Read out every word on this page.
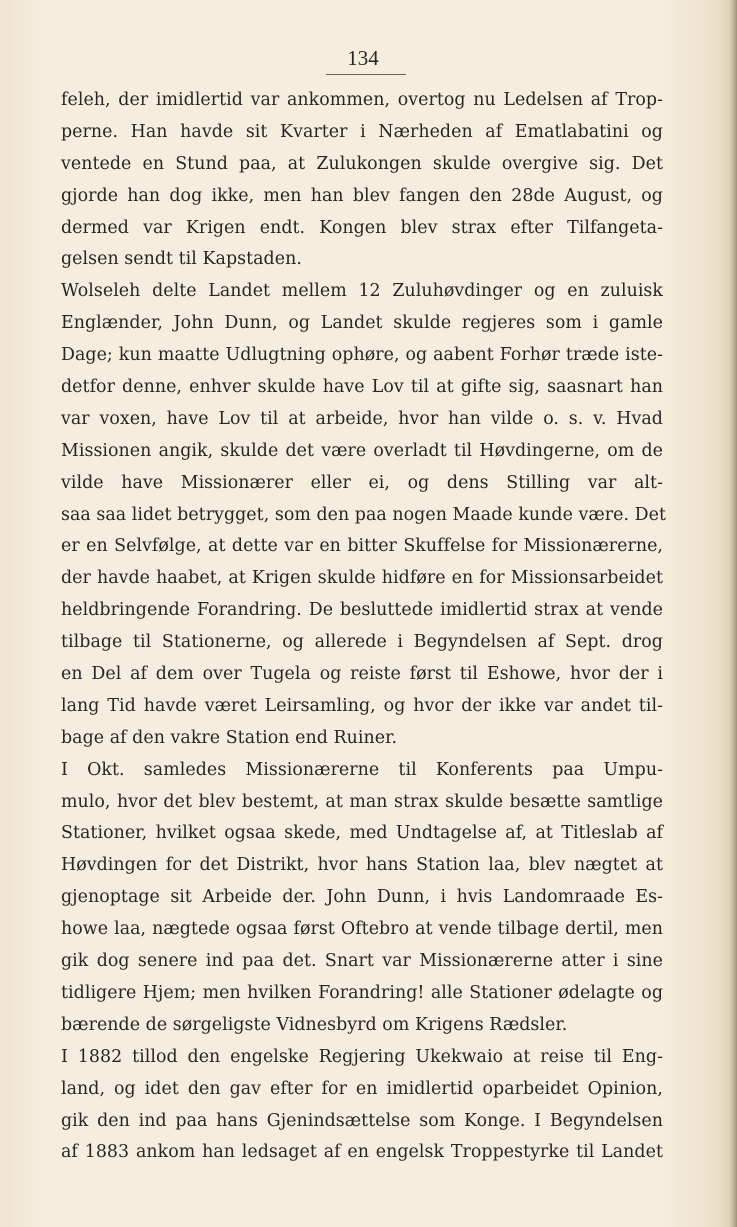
134
feleh, der imidlertid var ankommen, overtog nu Ledelsen af Trop-
perne. Han havde sit Kvarter i Nærheden af Ematlabatini og
ventede en Stund paa, at Zulukongen skulde overgive sig. Det
gjorde han dog ikke, men han blev fangen den 28de August, og
dermed var Krigen endt. Kongen blev strax efter Tilfangeta-
gelsen sendt til Kapstaden.
Wolseleh delte Landet mellem 12 Zuluhøvdinger og en zuluisk
Englænder, John Dunn, og Landet skulde regjeres som i gamle
Dage; kun maatte Udlugtning ophøre, og aabent Forhør træde iste-
detfor denne, enhver skulde have Lov til at gifte sig, saasnart han
var voxen, have Lov til at arbeide, hvor han vilde o. s. v. Hvad
Missionen angik, skulde det være overladt til Høvdingerne, om de
vilde have Missionærer eller ei, og dens Stilling var alt-
saa saa lidet betrygget, som den paa nogen Maade kunde være. Det
er en Selvfølge, at dette var en bitter Skuffelse for Missionærerne,
der havde haabet, at Krigen skulde hidføre en for Missionsarbeidet
heldbringende Forandring. De besluttede imidlertid strax at vende
tilbage til Stationerne, og allerede i Begyndelsen af Sept. drog
en Del af dem over Tugela og reiste først til Eshowe, hvor der i
lang Tid havde været Leirsamling, og hvor der ikke var andet til-
bage af den vakre Station end Ruiner.
I Okt. samledes Missionærerne til Konferents paa Umpu-
mulo, hvor det blev bestemt, at man strax skulde besætte samtlige
Stationer, hvilket ogsaa skede, med Undtagelse af, at Titleslab af
Høvdingen for det Distrikt, hvor hans Station laa, blev nægtet at
gjenoptage sit Arbeide der. John Dunn, i hvis Landomraade Es-
howe laa, nægtede ogsaa først Oftebro at vende tilbage dertil, men
gik dog senere ind paa det. Snart var Missionærerne atter i sine
tidligere Hjem; men hvilken Forandring! alle Stationer ødelagte og
bærende de sørgeligste Vidnesbyrd om Krigens Rædsler.
I 1882 tillod den engelske Regjering Ukekwaio at reise til Eng-
land, og idet den gav efter for en imidlertid oparbeidet Opinion,
gik den ind paa hans Gjenindsættelse som Konge. I Begyndelsen
af 1883 ankom han ledsaget af en engelsk Troppestyrke til Landet
